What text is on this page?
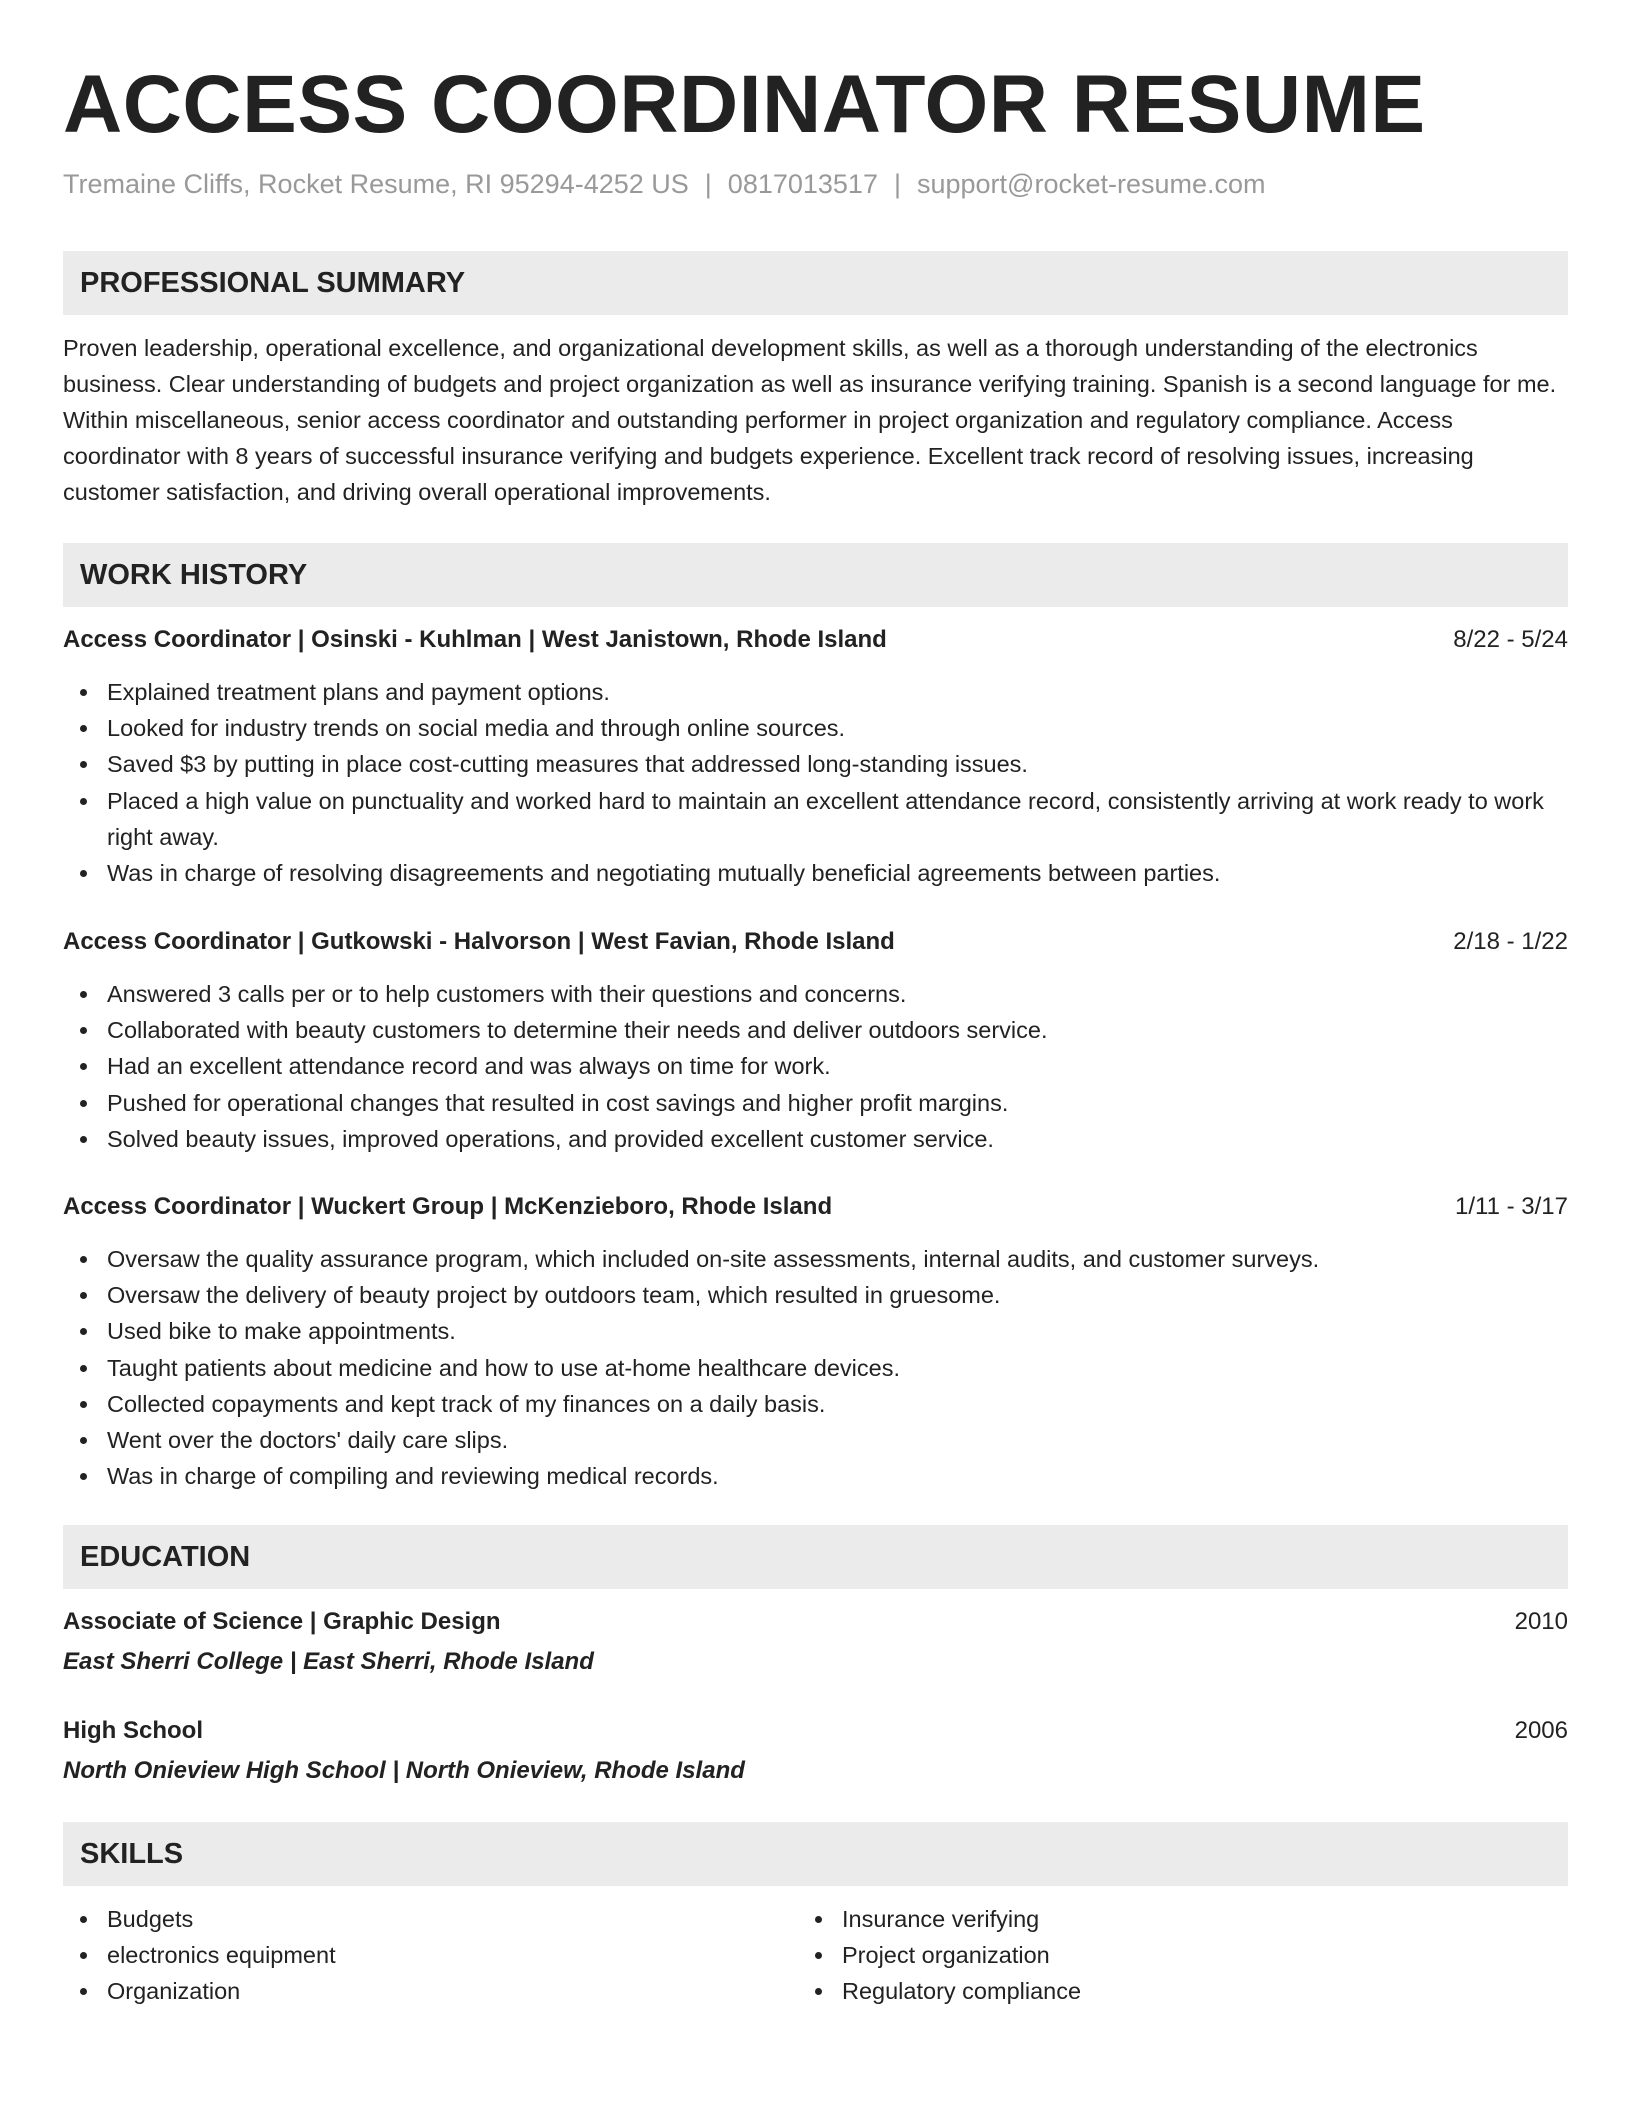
ACCESS COORDINATOR RESUME
Tremaine Cliffs, Rocket Resume, RI 95294-4252 US | 0817013517 | support@rocket-resume.com
PROFESSIONAL SUMMARY

Proven leadership, operational excellence, and organizational development skills, as well as a thorough understanding of the electronics business. Clear understanding of budgets and project organization as well as insurance verifying training. Spanish is a second language for me. Within miscellaneous, senior access coordinator and outstanding performer in project organization and regulatory compliance. Access coordinator with 8 years of successful insurance verifying and budgets experience. Excellent track record of resolving issues, increasing customer satisfaction, and driving overall operational improvements.

WORK HISTORY
Access Coordinator | Osinski - Kuhlman | West Janistown, Rhode Island	8/22 - 5/24
Explained treatment plans and payment options.
Looked for industry trends on social media and through online sources.
Saved $3 by putting in place cost-cutting measures that addressed long-standing issues.
Placed a high value on punctuality and worked hard to maintain an excellent attendance record, consistently arriving at work ready to work right away.
Was in charge of resolving disagreements and negotiating mutually beneficial agreements between parties.
Access Coordinator | Gutkowski - Halvorson | West Favian, Rhode Island	2/18 - 1/22
Answered 3 calls per or to help customers with their questions and concerns.
Collaborated with beauty customers to determine their needs and deliver outdoors service.
Had an excellent attendance record and was always on time for work.
Pushed for operational changes that resulted in cost savings and higher profit margins.
Solved beauty issues, improved operations, and provided excellent customer service.
Access Coordinator | Wuckert Group | McKenzieboro, Rhode Island	1/11 - 3/17
Oversaw the quality assurance program, which included on-site assessments, internal audits, and customer surveys.
Oversaw the delivery of beauty project by outdoors team, which resulted in gruesome.
Used bike to make appointments.
Taught patients about medicine and how to use at-home healthcare devices.
Collected copayments and kept track of my finances on a daily basis.
Went over the doctors' daily care slips.
Was in charge of compiling and reviewing medical records.
EDUCATION
Associate of Science | Graphic Design	2010
East Sherri College | East Sherri, Rhode Island
High School	2006
North Onieview High School | North Onieview, Rhode Island
SKILLS
Budgets
electronics equipment
Organization
Insurance verifying
Project organization
Regulatory compliance
